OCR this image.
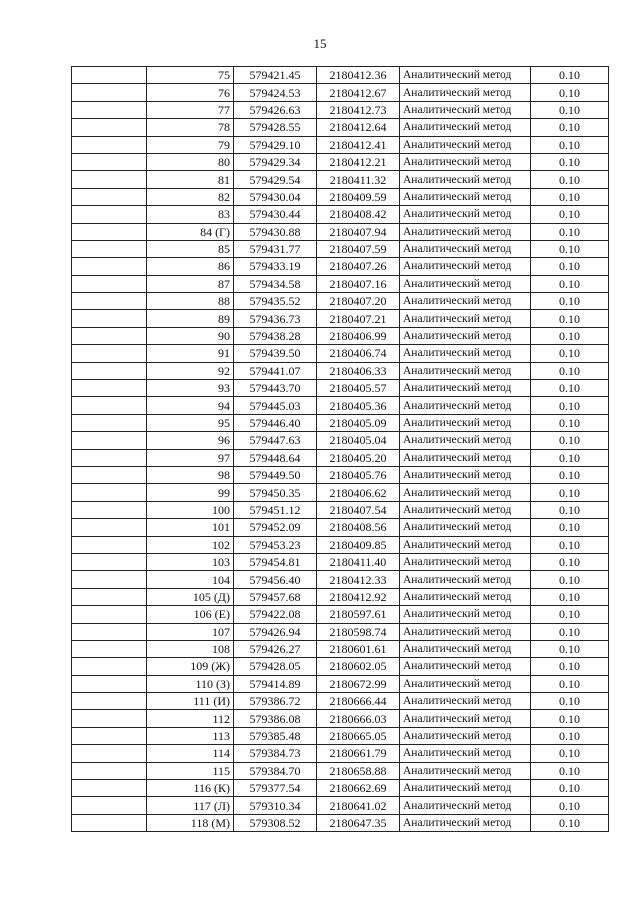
15
	75	579421.45	2180412.36	Аналитический метод	0.10
	76	579424.53	2180412.67	Аналитический метод	0.10
	77	579426.63	2180412.73	Аналитический метод	0.10
	78	579428.55	2180412.64	Аналитический метод	0.10
	79	579429.10	2180412.41	Аналитический метод	0.10
	80	579429.34	2180412.21	Аналитический метод	0.10
	81	579429.54	2180411.32	Аналитический метод	0.10
	82	579430.04	2180409.59	Аналитический метод	0.10
	83	579430.44	2180408.42	Аналитический метод	0.10
	84 (Г)	579430.88	2180407.94	Аналитический метод	0.10
	85	579431.77	2180407.59	Аналитический метод	0.10
	86	579433.19	2180407.26	Аналитический метод	0.10
	87	579434.58	2180407.16	Аналитический метод	0.10
	88	579435.52	2180407.20	Аналитический метод	0.10
	89	579436.73	2180407.21	Аналитический метод	0.10
	90	579438.28	2180406.99	Аналитический метод	0.10
	91	579439.50	2180406.74	Аналитический метод	0.10
	92	579441.07	2180406.33	Аналитический метод	0.10
	93	579443.70	2180405.57	Аналитический метод	0.10
	94	579445.03	2180405.36	Аналитический метод	0.10
	95	579446.40	2180405.09	Аналитический метод	0.10
	96	579447.63	2180405.04	Аналитический метод	0.10
	97	579448.64	2180405.20	Аналитический метод	0.10
	98	579449.50	2180405.76	Аналитический метод	0.10
	99	579450.35	2180406.62	Аналитический метод	0.10
	100	579451.12	2180407.54	Аналитический метод	0.10
	101	579452.09	2180408.56	Аналитический метод	0.10
	102	579453.23	2180409.85	Аналитический метод	0.10
	103	579454.81	2180411.40	Аналитический метод	0.10
	104	579456.40	2180412.33	Аналитический метод	0.10
	105 (Д)	579457.68	2180412.92	Аналитический метод	0.10
	106 (Е)	579422.08	2180597.61	Аналитический метод	0.10
	107	579426.94	2180598.74	Аналитический метод	0.10
	108	579426.27	2180601.61	Аналитический метод	0.10
	109 (Ж)	579428.05	2180602.05	Аналитический метод	0.10
	110 (З)	579414.89	2180672.99	Аналитический метод	0.10
	111 (И)	579386.72	2180666.44	Аналитический метод	0.10
	112	579386.08	2180666.03	Аналитический метод	0.10
	113	579385.48	2180665.05	Аналитический метод	0.10
	114	579384.73	2180661.79	Аналитический метод	0.10
	115	579384.70	2180658.88	Аналитический метод	0.10
	116 (К)	579377.54	2180662.69	Аналитический метод	0.10
	117 (Л)	579310.34	2180641.02	Аналитический метод	0.10
	118 (М)	579308.52	2180647.35	Аналитический метод	0.10
